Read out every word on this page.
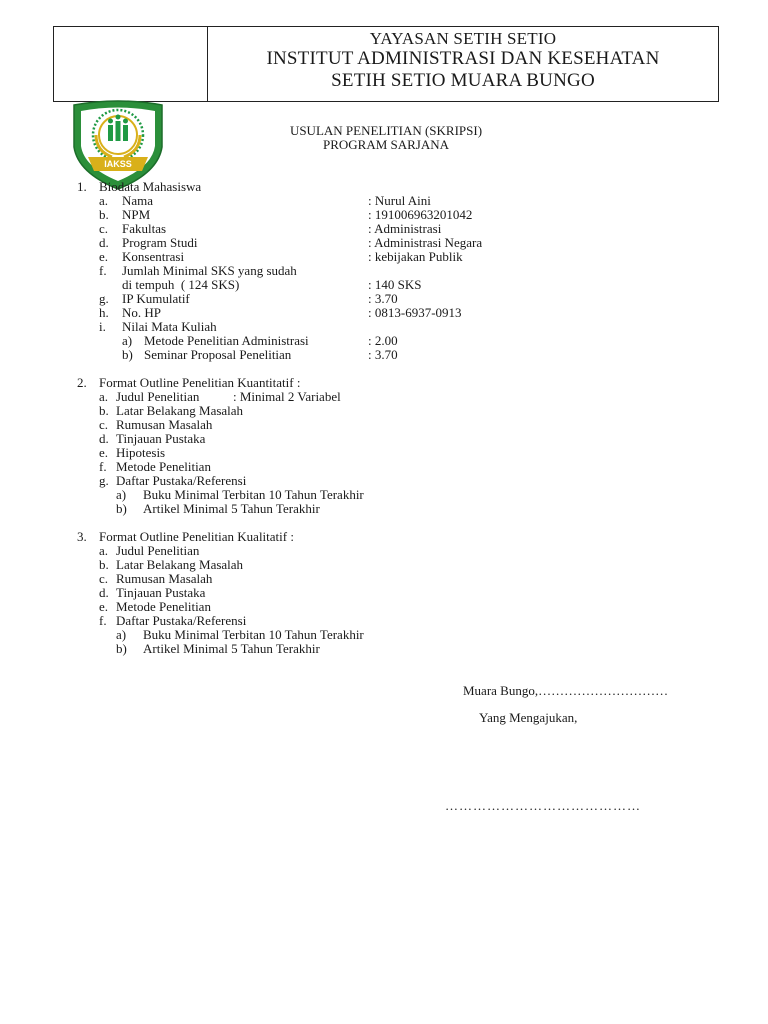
YAYASAN SETIH SETIO
INSTITUT ADMINISTRASI DAN KESEHATAN
SETIH SETIO MUARA BUNGO
IAKSS
USULAN PENELITIAN (SKRIPSI)
PROGRAM SARJANA
1. Biodata Mahasiswa
a. Nama	: Nurul Aini
b. NPM	: 191006963201042
c. Fakultas	: Administrasi
d. Program Studi	: Administrasi Negara
e. Konsentrasi	: kebijakan Publik
f. Jumlah Minimal SKS yang sudah
di tempuh  ( 124 SKS)	: 140 SKS
g. IP Kumulatif	: 3.70
h. No. HP	: 0813-6937-0913
i. Nilai Mata Kuliah
a) Metode Penelitian Administrasi	: 2.00
b) Seminar Proposal Penelitian	: 3.70
2. Format Outline Penelitian Kuantitatif :
a. Judul Penelitian	: Minimal 2 Variabel
b. Latar Belakang Masalah
c. Rumusan Masalah
d. Tinjauan Pustaka
e. Hipotesis
f. Metode Penelitian
g. Daftar Pustaka/Referensi
a) Buku Minimal Terbitan 10 Tahun Terakhir
b) Artikel Minimal 5 Tahun Terakhir
3. Format Outline Penelitian Kualitatif :
a. Judul Penelitian
b. Latar Belakang Masalah
c. Rumusan Masalah
d. Tinjauan Pustaka
e. Metode Penelitian
f. Daftar Pustaka/Referensi
a) Buku Minimal Terbitan 10 Tahun Terakhir
b) Artikel Minimal 5 Tahun Terakhir
Muara Bungo,…………………………
Yang Mengajukan,
……………………………………
